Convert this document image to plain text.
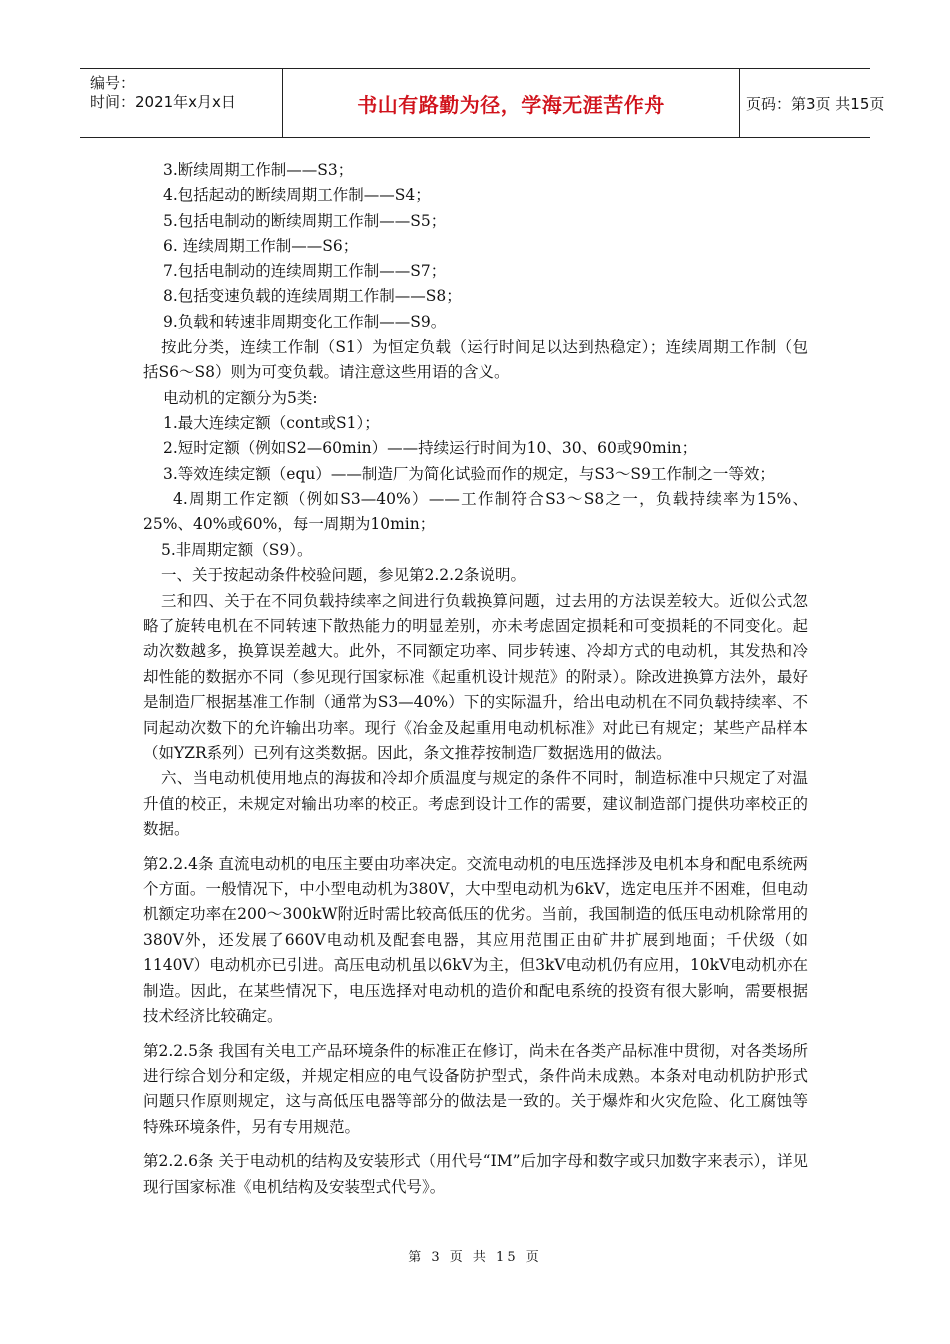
编号：
时间：2021年x月x日	书山有路勤为径，学海无涯苦作舟	页码：第3页 共15页
3.断续周期工作制——S3；
4.包括起动的断续周期工作制——S4；
5.包括电制动的断续周期工作制——S5；
6. 连续周期工作制——S6；
7.包括电制动的连续周期工作制——S7；
8.包括变速负载的连续周期工作制——S8；
9.负载和转速非周期变化工作制——S9。
按此分类，连续工作制（S1）为恒定负载（运行时间足以达到热稳定）；连续周期工作制（包括S6～S8）则为可变负载。请注意这些用语的含义。
电动机的定额分为5类:
1.最大连续定额（cont或S1）；
2.短时定额（例如S2—60min）——持续运行时间为10、30、60或90min；
3.等效连续定额（equ）——制造厂为简化试验而作的规定，与S3～S9工作制之一等效；
4.周期工作定额（例如S3—40%）——工作制符合S3～S8之一，负载持续率为15%、25%、40%或60%，每一周期为10min；
5.非周期定额（S9）。
一、关于按起动条件校验问题，参见第2.2.2条说明。
三和四、关于在不同负载持续率之间进行负载换算问题，过去用的方法误差较大。近似公式忽略了旋转电机在不同转速下散热能力的明显差别，亦未考虑固定损耗和可变损耗的不同变化。起动次数越多，换算误差越大。此外，不同额定功率、同步转速、冷却方式的电动机，其发热和冷却性能的数据亦不同（参见现行国家标准《起重机设计规范》的附录）。除改进换算方法外，最好是制造厂根据基准工作制（通常为S3—40%）下的实际温升，给出电动机在不同负载持续率、不同起动次数下的允许输出功率。现行《冶金及起重用电动机标准》对此已有规定；某些产品样本（如YZR系列）已列有这类数据。因此，条文推荐按制造厂数据选用的做法。
六、当电动机使用地点的海拔和冷却介质温度与规定的条件不同时，制造标准中只规定了对温升值的校正，未规定对输出功率的校正。考虑到设计工作的需要，建议制造部门提供功率校正的数据。
第2.2.4条 直流电动机的电压主要由功率决定。交流电动机的电压选择涉及电机本身和配电系统两个方面。一般情况下，中小型电动机为380V，大中型电动机为6kV，选定电压并不困难，但电动机额定功率在200～300kW附近时需比较高低压的优劣。当前，我国制造的低压电动机除常用的380V外，还发展了660V电动机及配套电器，其应用范围正由矿井扩展到地面；千伏级（如1140V）电动机亦已引进。高压电动机虽以6kV为主，但3kV电动机仍有应用，10kV电动机亦在制造。因此，在某些情况下，电压选择对电动机的造价和配电系统的投资有很大影响，需要根据技术经济比较确定。
第2.2.5条 我国有关电工产品环境条件的标准正在修订，尚未在各类产品标准中贯彻，对各类场所进行综合划分和定级，并规定相应的电气设备防护型式，条件尚未成熟。本条对电动机防护形式问题只作原则规定，这与高低压电器等部分的做法是一致的。关于爆炸和火灾危险、化工腐蚀等特殊环境条件，另有专用规范。
第2.2.6条 关于电动机的结构及安装形式（用代号“IM”后加字母和数字或只加数字来表示），详见现行国家标准《电机结构及安装型式代号》。
第 3 页 共 15 页
